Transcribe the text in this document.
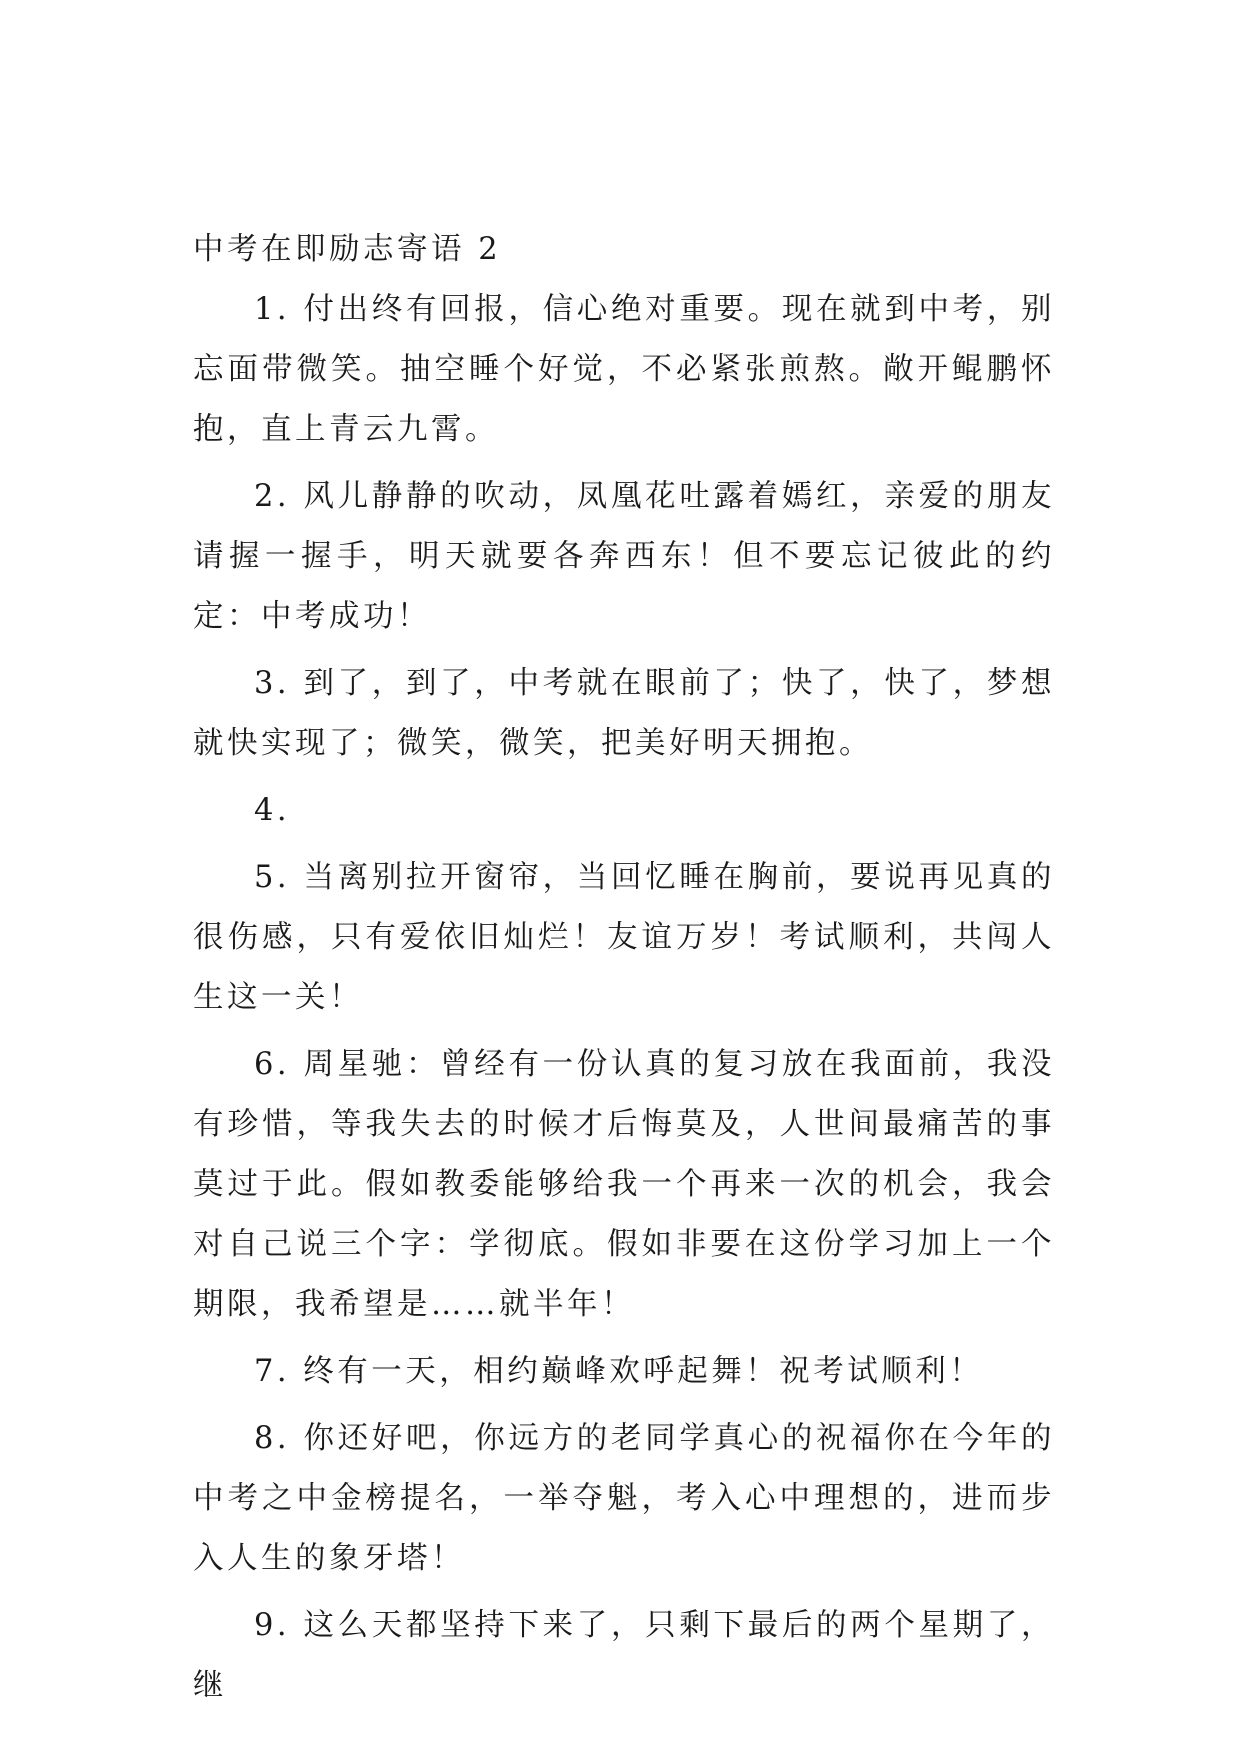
中考在即励志寄语 2

1. 付出终有回报，信心绝对重要。现在就到中考，别忘面带微笑。抽空睡个好觉，不必紧张煎熬。敞开鲲鹏怀抱，直上青云九霄。

2. 风儿静静的吹动，凤凰花吐露着嫣红，亲爱的朋友请握一握手，明天就要各奔西东！但不要忘记彼此的约定：中考成功！

3. 到了，到了，中考就在眼前了；快了，快了，梦想就快实现了；微笑，微笑，把美好明天拥抱。

4.

5. 当离别拉开窗帘，当回忆睡在胸前，要说再见真的很伤感，只有爱依旧灿烂！友谊万岁！考试顺利，共闯人生这一关！

6. 周星驰：曾经有一份认真的复习放在我面前，我没有珍惜，等我失去的时候才后悔莫及，人世间最痛苦的事莫过于此。假如教委能够给我一个再来一次的机会，我会对自己说三个字：学彻底。假如非要在这份学习加上一个期限，我希望是……就半年！

7. 终有一天，相约巅峰欢呼起舞！祝考试顺利！

8. 你还好吧，你远方的老同学真心的祝福你在今年的中考之中金榜提名，一举夺魁，考入心中理想的，进而步入人生的象牙塔！

9. 这么天都坚持下来了，只剩下最后的两个星期了，继
